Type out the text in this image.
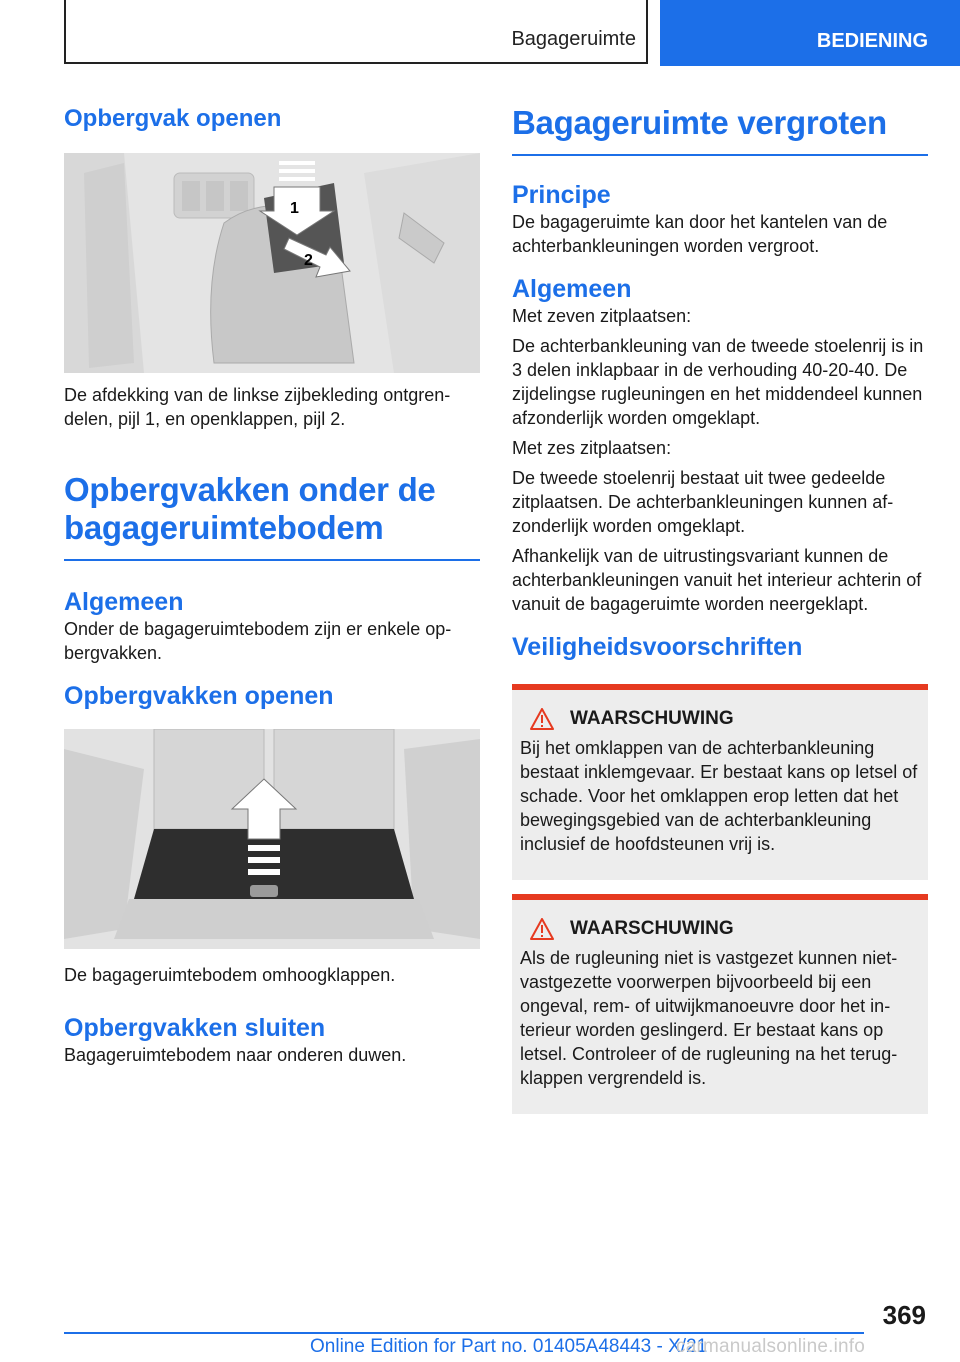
Bagageruimte	BEDIENING
Opbergvak openen
1
2

De afdekking van de linkse zijbekleding ontgrendelen, pijl 1, en openklappen, pijl 2.

Opbergvakken onder de bagageruimtebodem
Algemeen

Onder de bagageruimtebodem zijn er enkele opbergvakken.

Opbergvakken openen

De bagageruimtebodem omhoogklappen.

Opbergvakken sluiten

Bagageruimtebodem naar onderen duwen.

Bagageruimte vergroten
Principe

De bagageruimte kan door het kantelen van de achterbankleuningen worden vergroot.

Algemeen

Met zeven zitplaatsen:

De achterbankleuning van de tweede stoelenrij is in 3 delen inklapbaar in de verhouding 40-20-40. De zijdelingse rugleuningen en het middendeel kunnen afzonderlijk worden omgeklapt.

Met zes zitplaatsen:

De tweede stoelenrij bestaat uit twee gedeelde zitplaatsen. De achterbankleuningen kunnen afzonderlijk worden omgeklapt.

Afhankelijk van de uitrustingsvariant kunnen de achterbankleuningen vanuit het interieur achterin of vanuit de bagageruimte worden neergeklapt.

Veiligheidsvoorschriften
WAARSCHUWING

Bij het omklappen van de achterbankleuning bestaat inklemgevaar. Er bestaat kans op letsel of schade. Voor het omklappen erop letten dat het bewegingsgebied van de achterbankleuning inclusief de hoofdsteunen vrij is.

WAARSCHUWING

Als de rugleuning niet is vastgezet kunnen niet-vastgezette voorwerpen bijvoorbeeld bij een ongeval, rem- of uitwijkmanoeuvre door het interieur worden geslingerd. Er bestaat kans op letsel. Controleer of de rugleuning na het terugklappen vergrendeld is.

369
Online Edition for Part no. 01405A48443 - X/21
carmanualsonline.info
